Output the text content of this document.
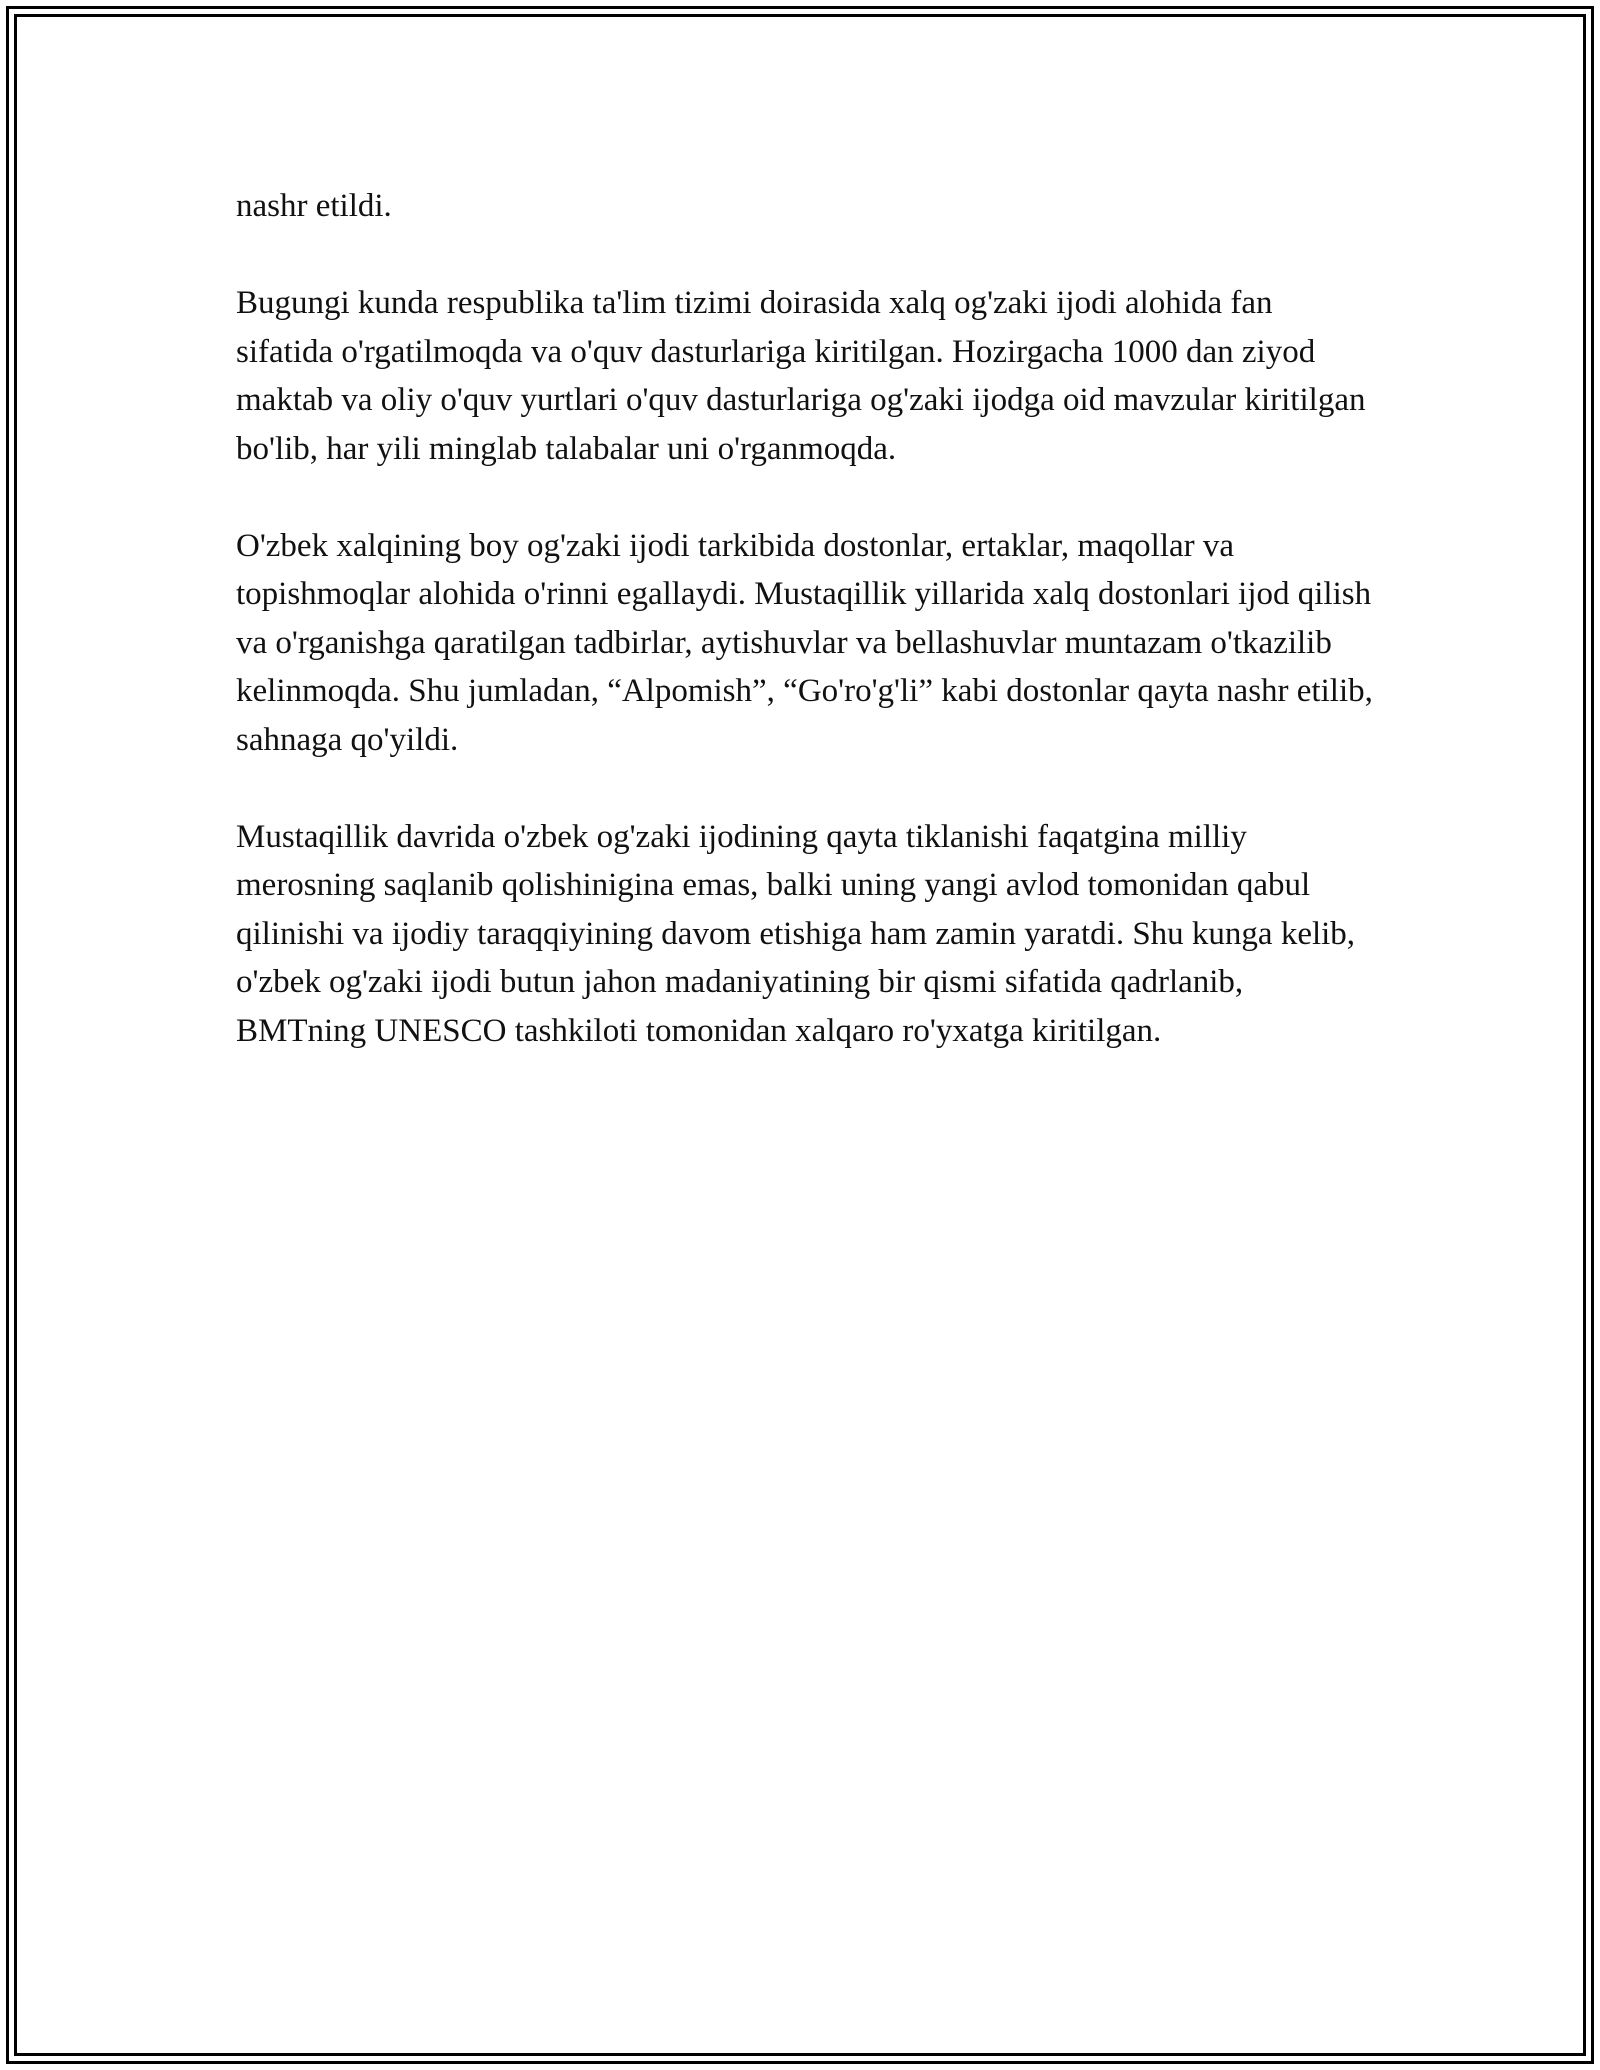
nashr etildi.

Bugungi kunda respublika ta'lim tizimi doirasida xalq og'zaki ijodi alohida fan sifatida o'rgatilmoqda va o'quv dasturlariga kiritilgan. Hozirgacha 1000 dan ziyod maktab va oliy o'quv yurtlari o'quv dasturlariga og'zaki ijodga oid mavzular kiritilgan bo'lib, har yili minglab talabalar uni o'rganmoqda.

O'zbek xalqining boy og'zaki ijodi tarkibida dostonlar, ertaklar, maqollar va topishmoqlar alohida o'rinni egallaydi. Mustaqillik yillarida xalq dostonlari ijod qilish va o'rganishga qaratilgan tadbirlar, aytishuvlar va bellashuvlar muntazam o'tkazilib kelinmoqda. Shu jumladan, “Alpomish”, “Go'ro'g'li” kabi dostonlar qayta nashr etilib, sahnaga qo'yildi.

Mustaqillik davrida o'zbek og'zaki ijodining qayta tiklanishi faqatgina milliy merosning saqlanib qolishinigina emas, balki uning yangi avlod tomonidan qabul qilinishi va ijodiy taraqqiyining davom etishiga ham zamin yaratdi. Shu kunga kelib, o'zbek og'zaki ijodi butun jahon madaniyatining bir qismi sifatida qadrlanib, BMTning UNESCO tashkiloti tomonidan xalqaro ro'yxatga kiritilgan.
